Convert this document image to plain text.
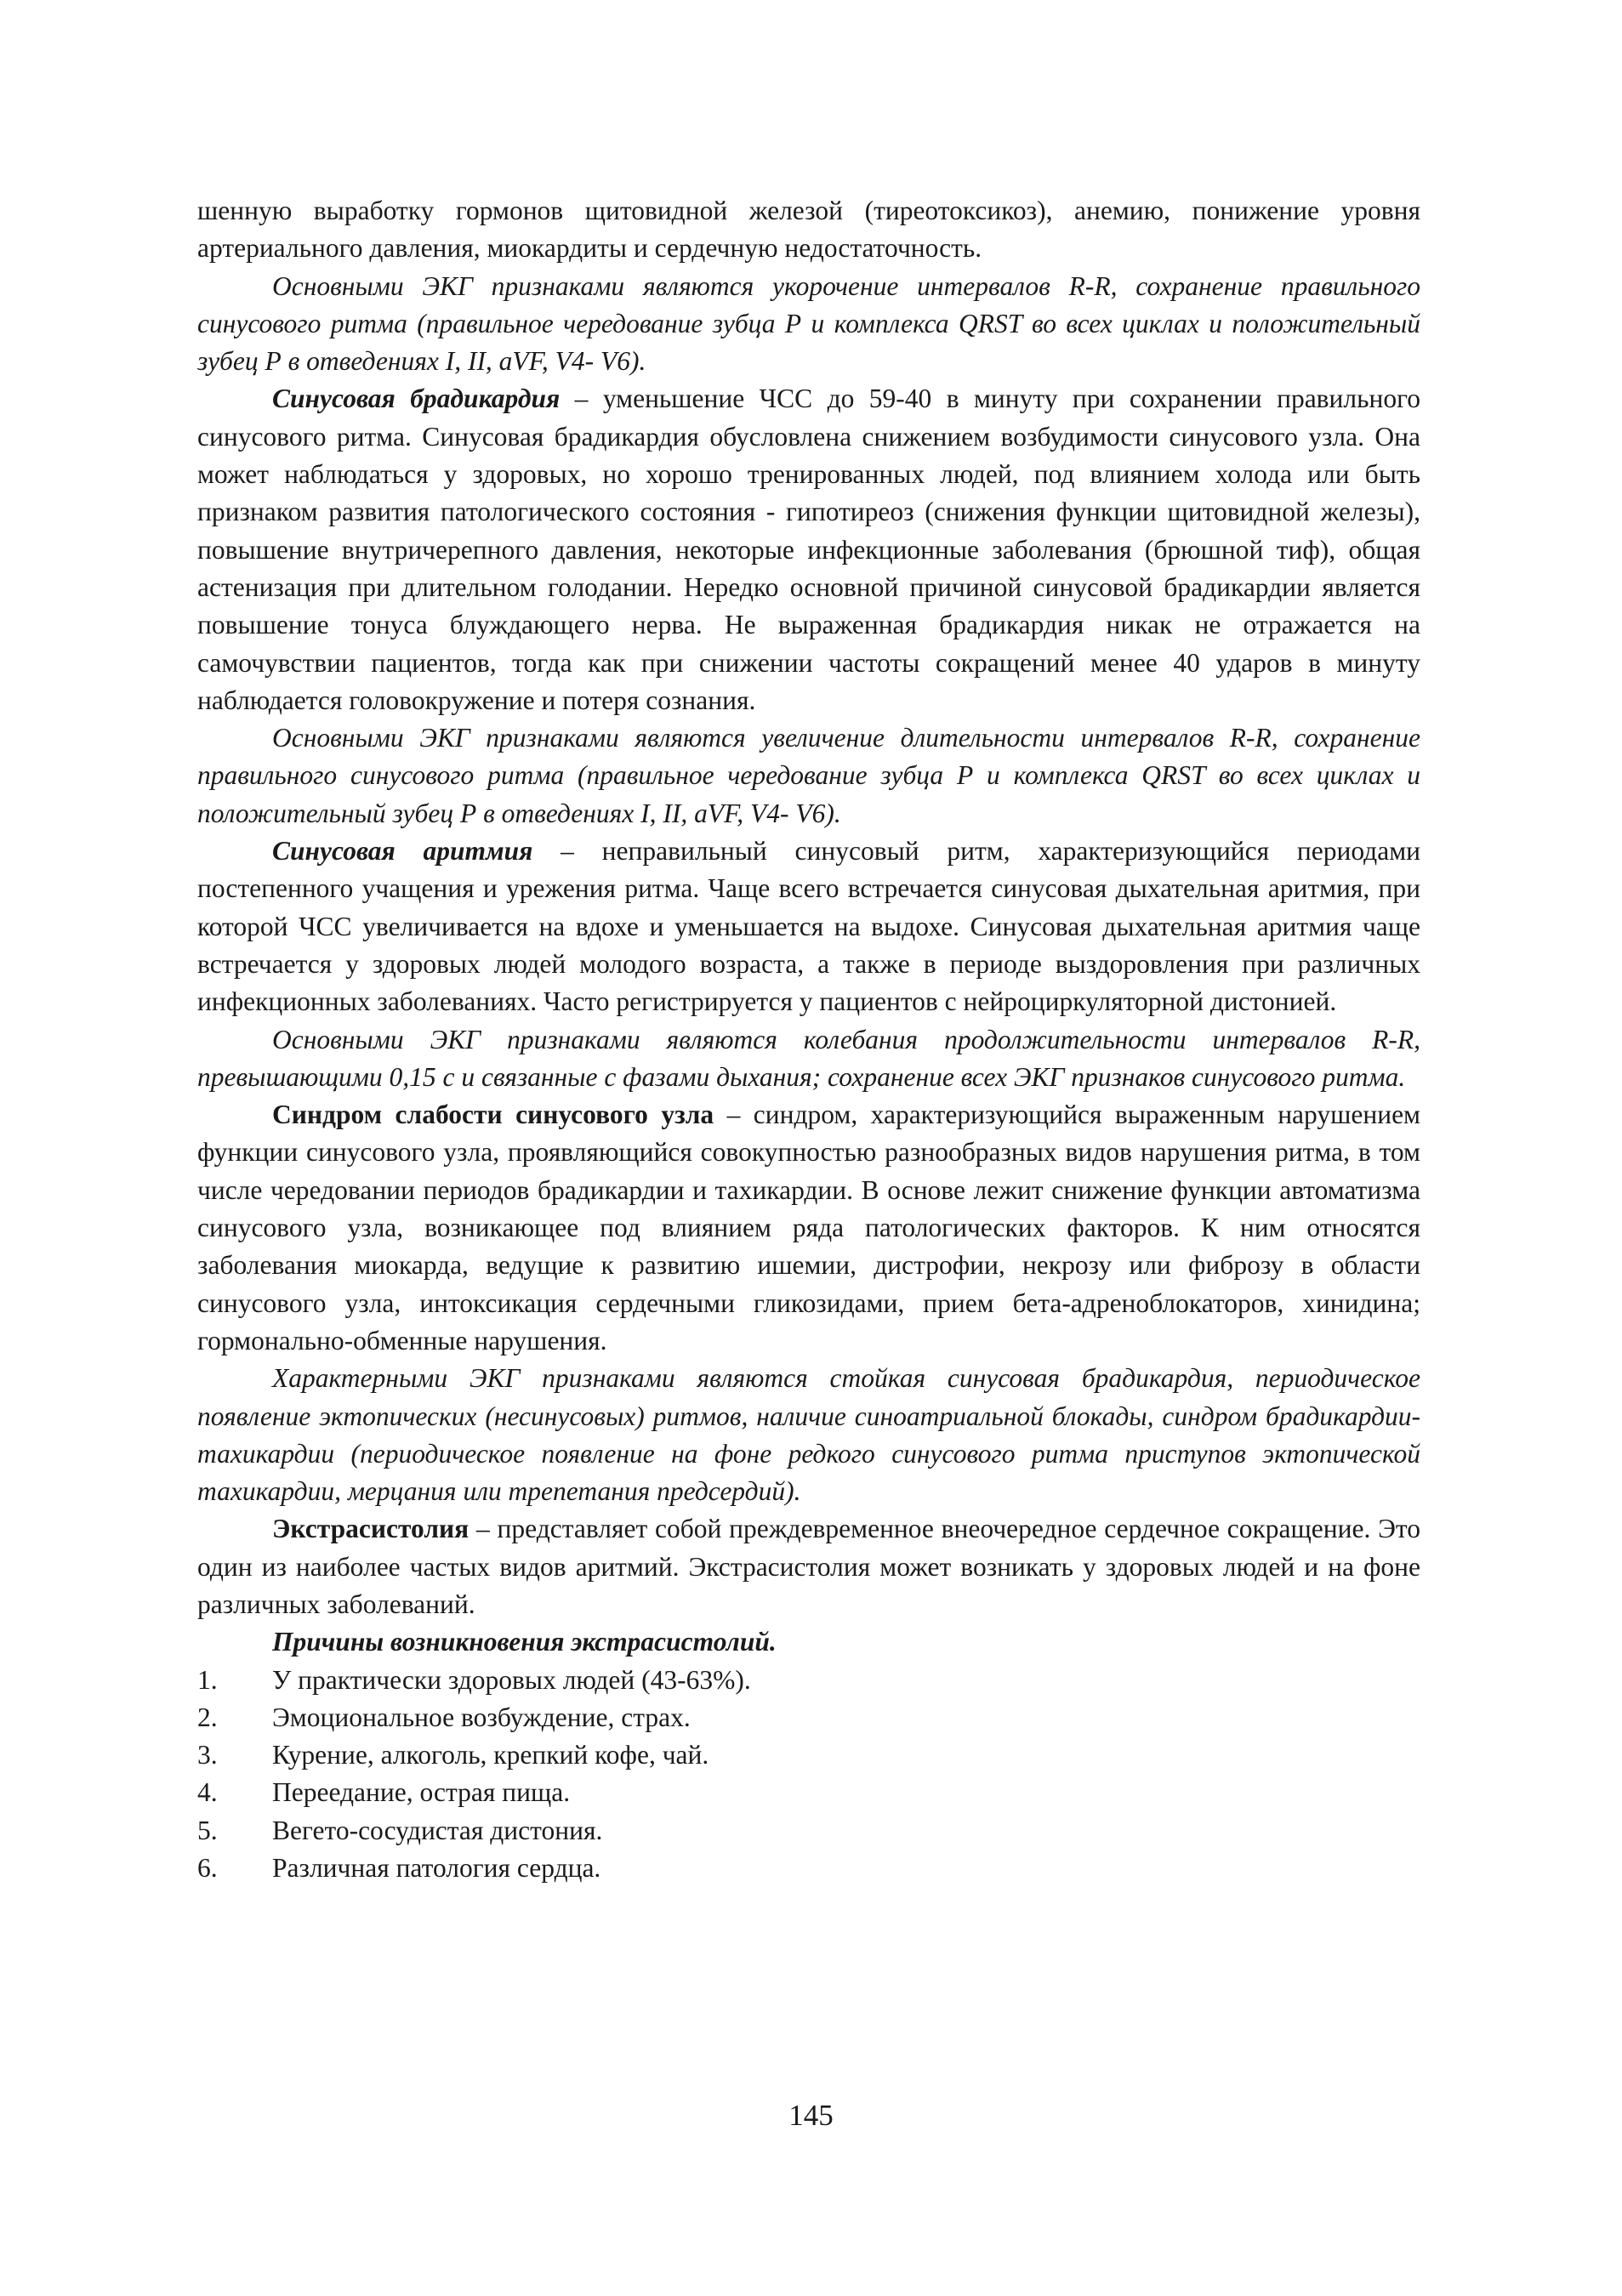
шенную выработку гормонов щитовидной железой (тиреотоксикоз), анемию, понижение уровня артериального давления, миокардиты и сердечную недостаточность.

Основными ЭКГ признаками являются укорочение интервалов R-R, сохранение правильного синусового ритма (правильное чередование зубца Р и комплекса QRST во всех циклах и положительный зубец Р в отведениях I, II, aVF, V4- V6).

Синусовая брадикардия – уменьшение ЧСС до 59-40 в минуту при сохранении правильного синусового ритма. Синусовая брадикардия обусловлена снижением возбудимости синусового узла. Она может наблюдаться у здоровых, но хорошо тренированных людей, под влиянием холода или быть признаком развития патологического состояния - гипотиреоз (снижения функции щитовидной железы), повышение внутричерепного давления, некоторые инфекционные заболевания (брюшной тиф), общая астенизация при длительном голодании. Нередко основной причиной синусовой брадикардии является повышение тонуса блуждающего нерва. Не выраженная брадикардия никак не отражается на самочувствии пациентов, тогда как при снижении частоты сокращений менее 40 ударов в минуту наблюдается головокружение и потеря сознания.

Основными ЭКГ признаками являются увеличение длительности интервалов R-R, сохранение правильного синусового ритма (правильное чередование зубца Р и комплекса QRST во всех циклах и положительный зубец Р в отведениях I, II, aVF, V4- V6).

Синусовая аритмия – неправильный синусовый ритм, характеризующийся периодами постепенного учащения и урежения ритма. Чаще всего встречается синусовая дыхательная аритмия, при которой ЧСС увеличивается на вдохе и уменьшается на выдохе. Синусовая дыхательная аритмия чаще встречается у здоровых людей молодого возраста, а также в периоде выздоровления при различных инфекционных заболеваниях. Часто регистрируется у пациентов с нейроциркуляторной дистонией.

Основными ЭКГ признаками являются колебания продолжительности интервалов R-R, превышающими 0,15 с и связанные с фазами дыхания; сохранение всех ЭКГ признаков синусового ритма.

Синдром слабости синусового узла – синдром, характеризующийся выраженным нарушением функции синусового узла, проявляющийся совокупностью разнообразных видов нарушения ритма, в том числе чередовании периодов брадикардии и тахикардии. В основе лежит снижение функции автоматизма синусового узла, возникающее под влиянием ряда патологических факторов. К ним относятся заболевания миокарда, ведущие к развитию ишемии, дистрофии, некрозу или фиброзу в области синусового узла, интоксикация сердечными гликозидами, прием бета-адреноблокаторов, хинидина; гормонально-обменные нарушения.

Характерными ЭКГ признаками являются стойкая синусовая брадикардия, периодическое появление эктопических (несинусовых) ритмов, наличие синоатриальной блокады, синдром брадикардии-тахикардии (периодическое появление на фоне редкого синусового ритма приступов эктопической тахикардии, мерцания или трепетания предсердий).

Экстрасистолия – представляет собой преждевременное внеочередное сердечное сокращение. Это один из наиболее частых видов аритмий. Экстрасистолия может возникать у здоровых людей и на фоне различных заболеваний.

Причины возникновения экстрасистолий.

1.	У практически здоровых людей (43-63%).
2.	Эмоциональное возбуждение, страх.
3.	Курение, алкоголь, крепкий кофе, чай.
4.	Переедание, острая пища.
5.	Вегето-сосудистая дистония.
6.	Различная патология сердца.
145
